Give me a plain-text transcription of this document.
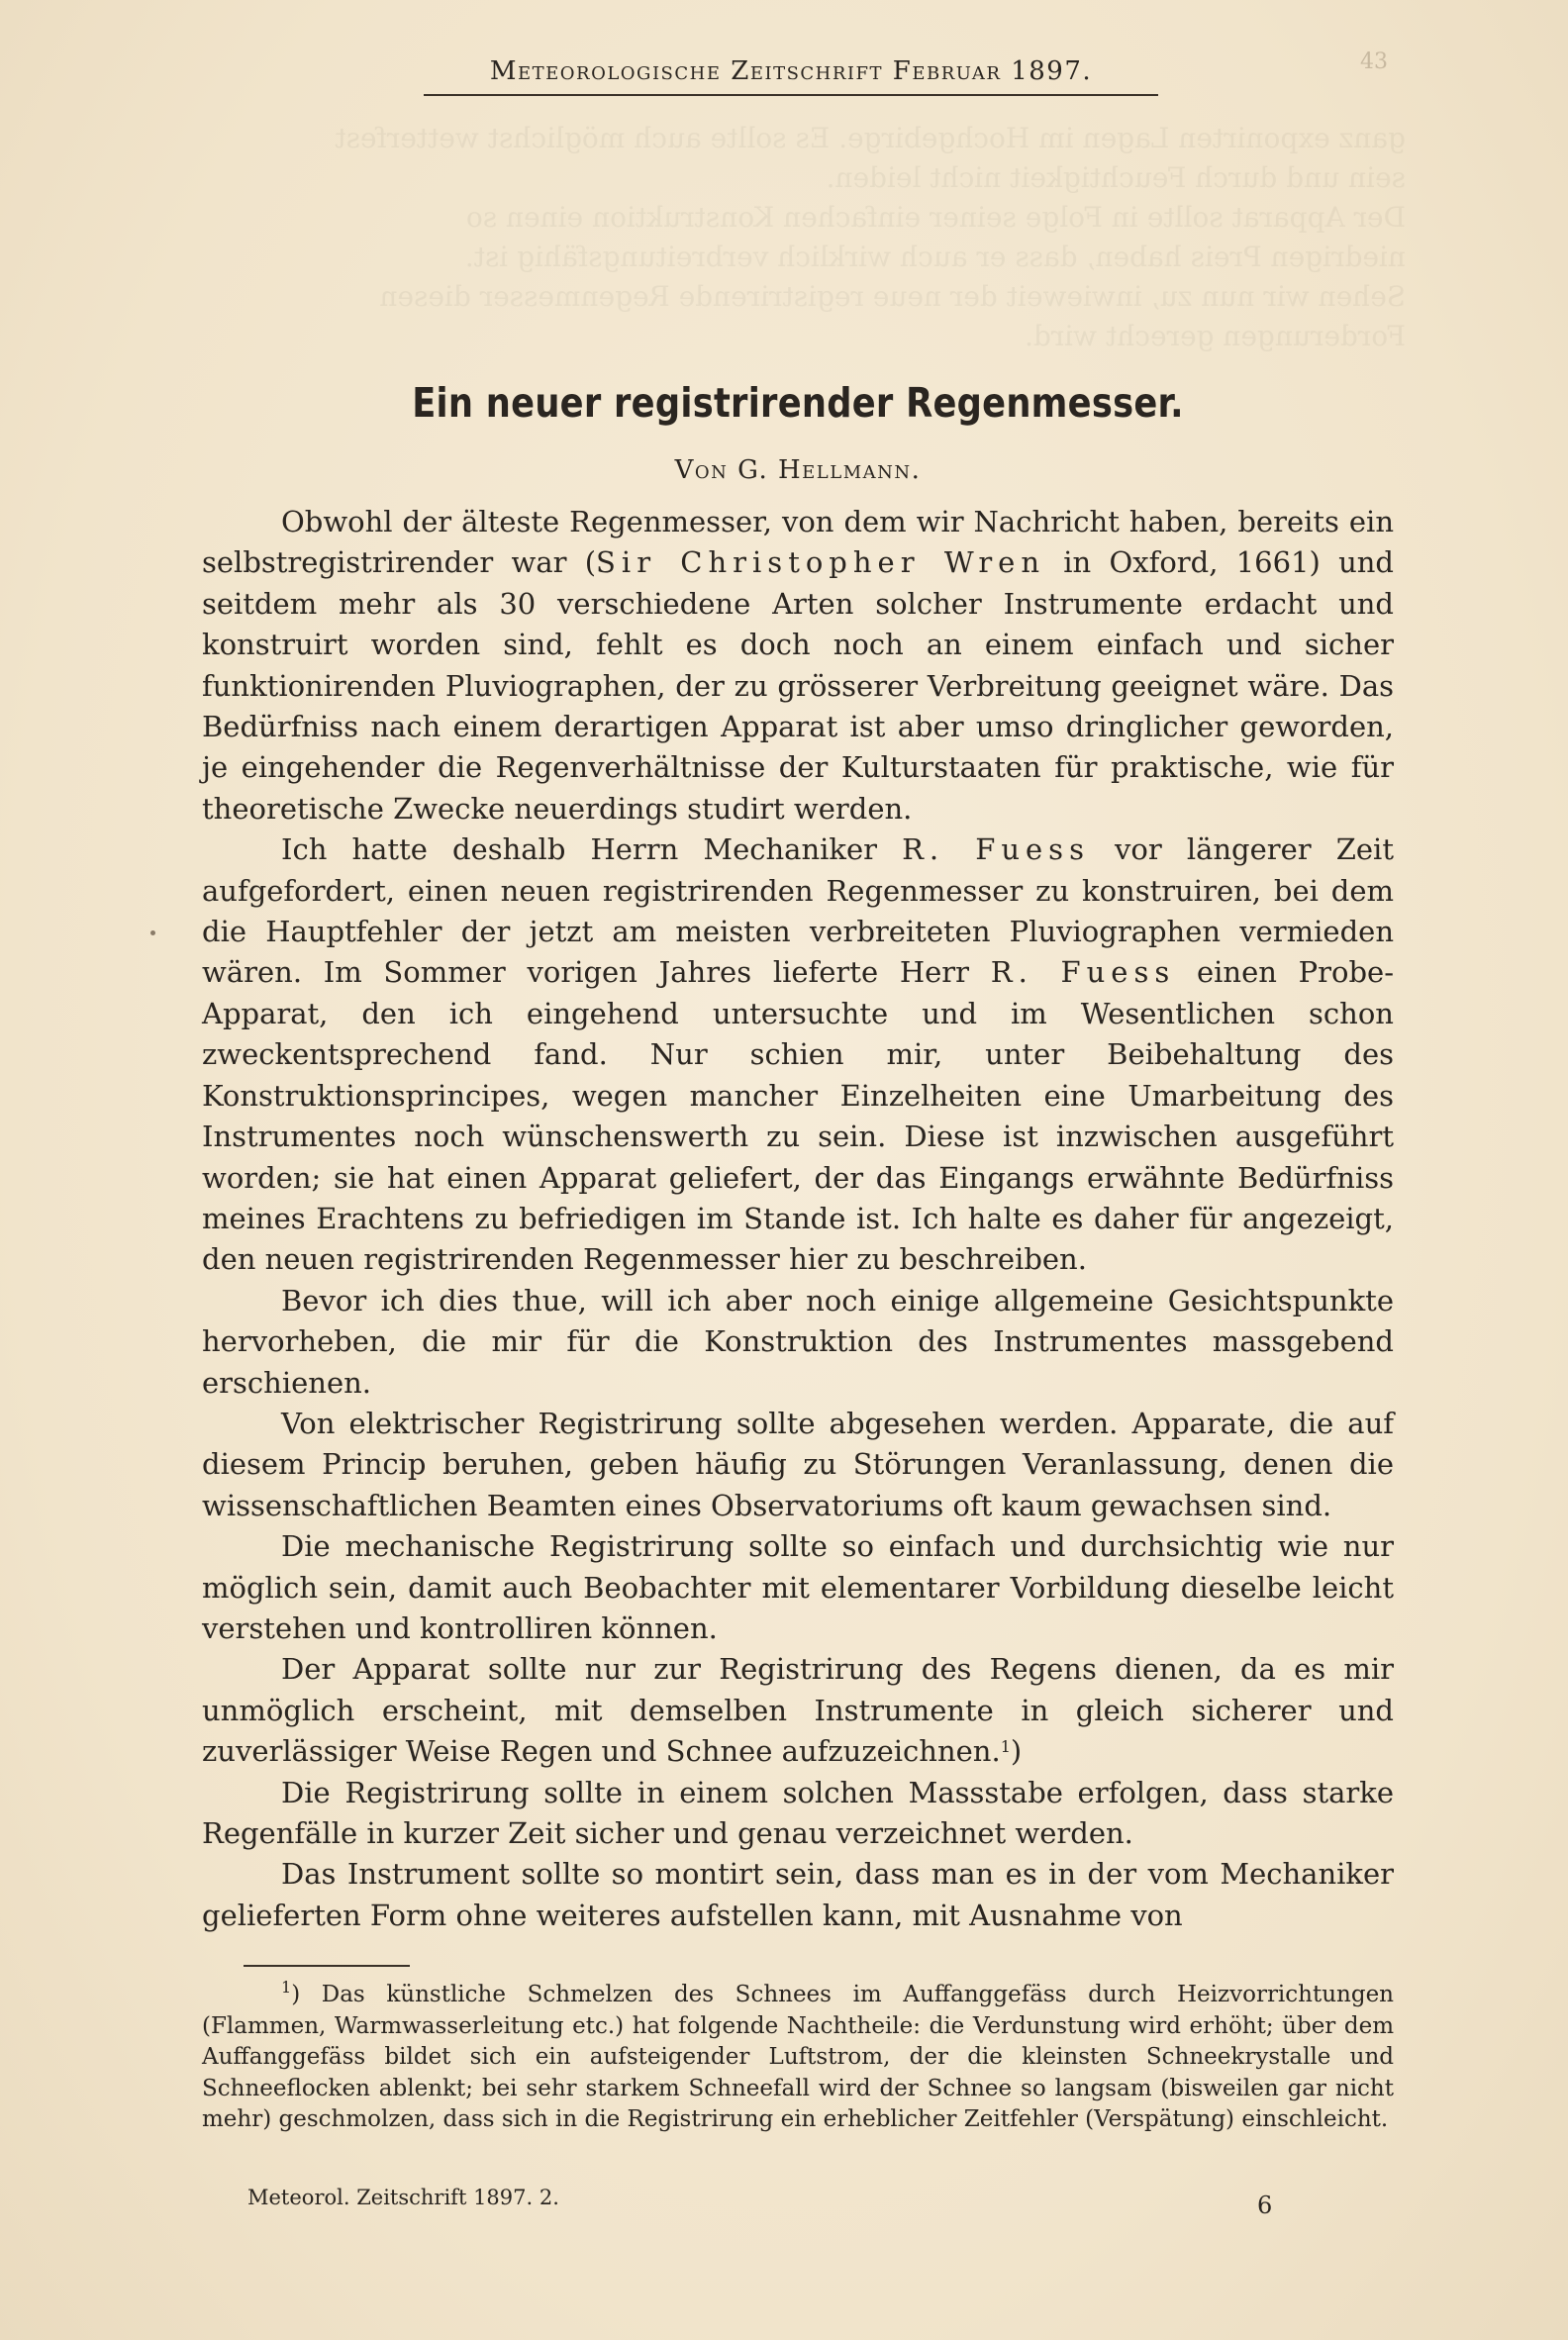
ganz exponirten Lagen im Hochgebirge. Es sollte auch möglichst wetterfest
sein und durch Feuchtigkeit nicht leiden.
Der Apparat sollte in Folge seiner einfachen Konstruktion einen so
niedrigen Preis haben, dass er auch wirklich verbreitungsfähig ist.
Sehen wir nun zu, inwieweit der neue registrirende Regenmesser diesen
Forderungen gerecht wird.
Meteorologische Zeitschrift Februar 1897.	43
Ein neuer registrirender Regenmesser.
Von G. Hellmann.

Obwohl der älteste Regenmesser, von dem wir Nachricht haben, bereits ein selbstregistrirender war (Sir Christopher Wren in Oxford, 1661) und seitdem mehr als 30 verschiedene Arten solcher Instrumente erdacht und konstruirt worden sind, fehlt es doch noch an einem einfach und sicher funktionirenden Pluviographen, der zu grösserer Verbreitung geeignet wäre. Das Bedürfniss nach einem derartigen Apparat ist aber umso dringlicher geworden, je eingehender die Regenverhältnisse der Kulturstaaten für praktische, wie für theoretische Zwecke neuerdings studirt werden.

Ich hatte deshalb Herrn Mechaniker R. Fuess vor längerer Zeit aufgefordert, einen neuen registrirenden Regenmesser zu konstruiren, bei dem die Hauptfehler der jetzt am meisten verbreiteten Pluviographen vermieden wären. Im Sommer vorigen Jahres lieferte Herr R. Fuess einen Probe-Apparat, den ich eingehend untersuchte und im Wesentlichen schon zweckentsprechend fand. Nur schien mir, unter Beibehaltung des Konstruktionsprincipes, wegen mancher Einzelheiten eine Umarbeitung des Instrumentes noch wünschenswerth zu sein. Diese ist inzwischen ausgeführt worden; sie hat einen Apparat geliefert, der das Eingangs erwähnte Bedürfniss meines Erachtens zu befriedigen im Stande ist. Ich halte es daher für angezeigt, den neuen registrirenden Regenmesser hier zu beschreiben.

Bevor ich dies thue, will ich aber noch einige allgemeine Gesichtspunkte hervorheben, die mir für die Konstruktion des Instrumentes massgebend erschienen.

Von elektrischer Registrirung sollte abgesehen werden. Apparate, die auf diesem Princip beruhen, geben häufig zu Störungen Veranlassung, denen die wissenschaftlichen Beamten eines Observatoriums oft kaum gewachsen sind.

Die mechanische Registrirung sollte so einfach und durchsichtig wie nur möglich sein, damit auch Beobachter mit elementarer Vorbildung dieselbe leicht verstehen und kontrolliren können.

Der Apparat sollte nur zur Registrirung des Regens dienen, da es mir unmöglich erscheint, mit demselben Instrumente in gleich sicherer und zuverlässiger Weise Regen und Schnee aufzuzeichnen.$^1$)

Die Registrirung sollte in einem solchen Massstabe erfolgen, dass starke Regenfälle in kurzer Zeit sicher und genau verzeichnet werden.

Das Instrument sollte so montirt sein, dass man es in der vom Mechaniker gelieferten Form ohne weiteres aufstellen kann, mit Ausnahme von

$^1$) Das künstliche Schmelzen des Schnees im Auffanggefäss durch Heizvorrichtungen (Flammen, Warmwasserleitung etc.) hat folgende Nachtheile: die Verdunstung wird erhöht; über dem Auffanggefäss bildet sich ein aufsteigender Luftstrom, der die kleinsten Schneekrystalle und Schneeflocken ablenkt; bei sehr starkem Schneefall wird der Schnee so langsam (bisweilen gar nicht mehr) geschmolzen, dass sich in die Registrirung ein erheblicher Zeitfehler (Verspätung) einschleicht.

Meteorol. Zeitschrift 1897. 2.	6
